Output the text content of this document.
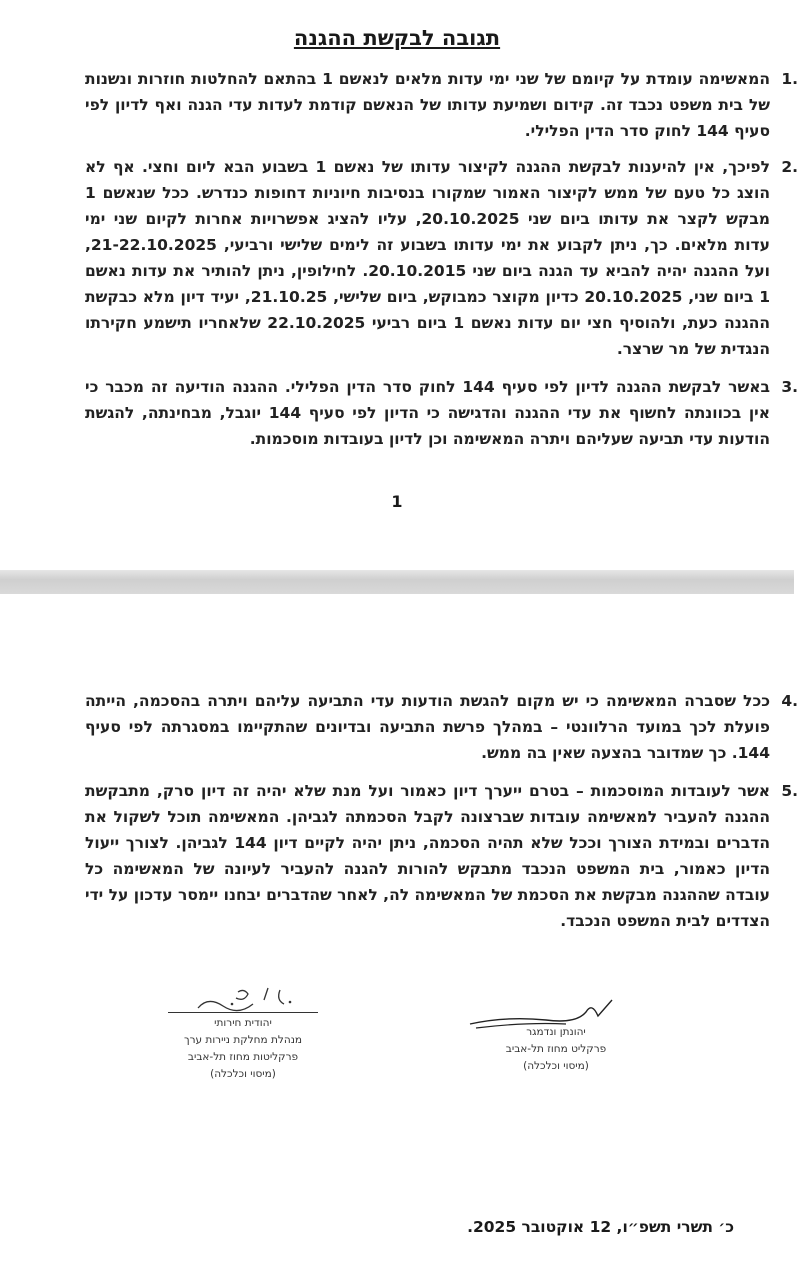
תגובה לבקשת ההגנה
1.
המאשימה עומדת על קיומם של שני ימי עדות מלאים לנאשם 1 בהתאם להחלטות חוזרות ונשנות של בית משפט נכבד זה. קידום ושמיעת עדותו של הנאשם קודמת לעדות עדי הגנה ואף לדיון לפי סעיף 144 לחוק סדר הדין הפלילי.
2.
לפיכך, אין להיענות לבקשת ההגנה לקיצור עדותו של נאשם 1 בשבוע הבא ליום וחצי. אף לא הוצג כל טעם של ממש לקיצור האמור שמקורו בנסיבות חיוניות דחופות כנדרש. ככל שנאשם 1 מבקש לקצר את עדותו ביום שני 20.10.2025, עליו להציג אפשרויות אחרות לקיום שני ימי עדות מלאים. כך, ניתן לקבוע את ימי עדותו בשבוע זה לימים שלישי ורביעי, 21-22.10.2025, ועל ההגנה יהיה להביא עד הגנה ביום שני 20.10.2015. לחילופין, ניתן להותיר את עדות נאשם 1 ביום שני, 20.10.2025 כדיון מקוצר כמבוקש, ביום שלישי, 21.10.25, יעיד דיון מלא כבקשת ההגנה כעת, ולהוסיף חצי יום עדות נאשם 1 ביום רביעי 22.10.2025 שלאחריו תישמע חקירתו הנגדית של מר שרצר.
3.
באשר לבקשת ההגנה לדיון לפי סעיף 144 לחוק סדר הדין הפלילי. ההגנה הודיעה זה מכבר כי אין בכוונתה לחשוף את עדי ההגנה והדגישה כי הדיון לפי סעיף 144 יוגבל, מבחינתה, להגשת הודעות עדי תביעה שעליהם ויתרה המאשימה וכן לדיון בעובדות מוסכמות.
1
4.
ככל שסברה המאשימה כי יש מקום להגשת הודעות עדי התביעה עליהם ויתרה בהסכמה, הייתה פועלת לכך במועד הרלוונטי – במהלך פרשת התביעה ובדיונים שהתקיימו במסגרתה לפי סעיף 144. כך שמדובר בהצעה שאין בה ממש.
5.
אשר לעובדות המוסכמות – בטרם ייערך דיון כאמור ועל מנת שלא יהיה זה דיון סרק, מתבקשת ההגנה להעביר למאשימה עובדות שברצונה לקבל הסכמתה לגביהן. המאשימה תוכל לשקול את הדברים ובמידת הצורך וככל שלא תהיה הסכמה, ניתן יהיה לקיים דיון 144 לגביהן. לצורך ייעול הדיון כאמור, בית המשפט הנכבד מתבקש להורות להגנה להעביר לעיונה של המאשימה כל עובדה שההגנה מבקשת את הסכמת של המאשימה לה, לאחר שהדברים יבחנו יימסר עדכון על ידי הצדדים לבית המשפט הנכבד.
יהודית חירותי
מנהלת מחלקת ניירות ערך
פרקליטות מחוז תל-אביב
(מיסוי וכלכלה)
יהונתן ונדמגר
פרקליט מחוז תל-אביב
(מיסוי וכלכלה)
כ׳ תשרי תשפ״ו, 12 אוקטובר 2025.
